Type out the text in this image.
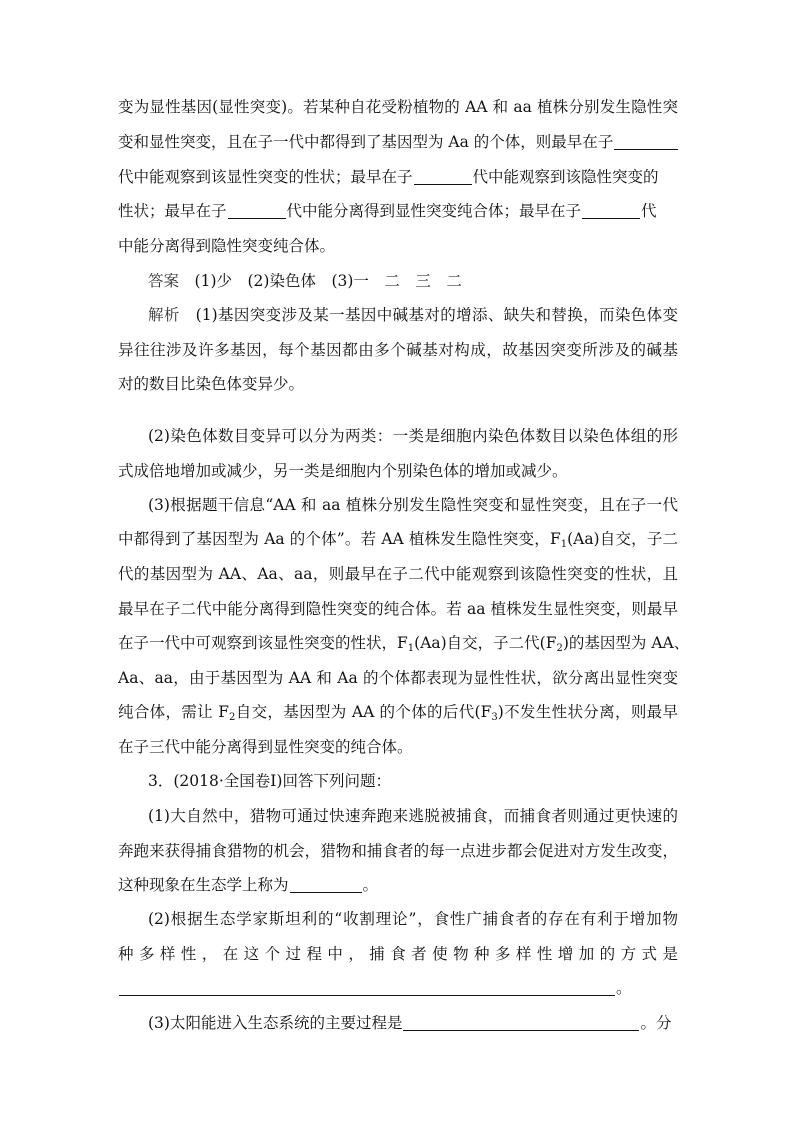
变为显性基因(显性突变)。若某种自花受粉植物的 AA 和 aa 植株分别发生隐性突
变和显性突变，且在子一代中都得到了基因型为 Aa 的个体，则最早在子
代中能观察到该显性突变的性状；最早在子	代中能观察到该隐性突变的
性状；最早在子	代中能分离得到显性突变纯合体；最早在子	代
中能分离得到隐性突变纯合体。
答案　 (1)少　(2)染色体　(3)一　二　三　二
解析　 (1)基因突变涉及某一基因中碱基对的增添、缺失和替换，而染色体变
异往往涉及许多基因，每个基因都由多个碱基对构成，故基因突变所涉及的碱基
对的数目比染色体变异少。
(2)染色体数目变异可以分为两类：一类是细胞内染色体数目以染色体组的形
式成倍地增加或减少，另一类是细胞内个别染色体的增加或减少。
(3)根据题干信息“AA 和 aa 植株分别发生隐性突变和显性突变，且在子一代
中都得到了基因型为 Aa 的个体”。若 AA 植株发生隐性突变，$F_1(Aa)$自交，子二
代的基因型为 AA、Aa、aa，则最早在子二代中能观察到该隐性突变的性状，且
最早在子二代中能分离得到隐性突变的纯合体。若 aa 植株发生显性突变，则最早
在子一代中可观察到该显性突变的性状，$F_1(Aa)$自交，子二代$(F_2)$的基因型为 AA、
Aa、aa，由于基因型为 AA 和 Aa 的个体都表现为显性性状，欲分离出显性突变
纯合体，需让 $F_2$自交，基因型为 AA 的个体的后代$(F_3)$不发生性状分离，则最早
在子三代中能分离得到显性突变的纯合体。
3．(2018·全国卷Ⅰ)回答下列问题：
(1)大自然中，猎物可通过快速奔跑来逃脱被捕食，而捕食者则通过更快速的
奔跑来获得捕食猎物的机会，猎物和捕食者的每一点进步都会促进对方发生改变，
这种现象在生态学上称为	。
(2)根据生态学家斯坦利的“收割理论”，食性广捕食者的存在有利于增加物
种多样性，在这个过程中，捕食者使物种多样性增加的方式是
。
(3)太阳能进入生态系统的主要过程是	。分
